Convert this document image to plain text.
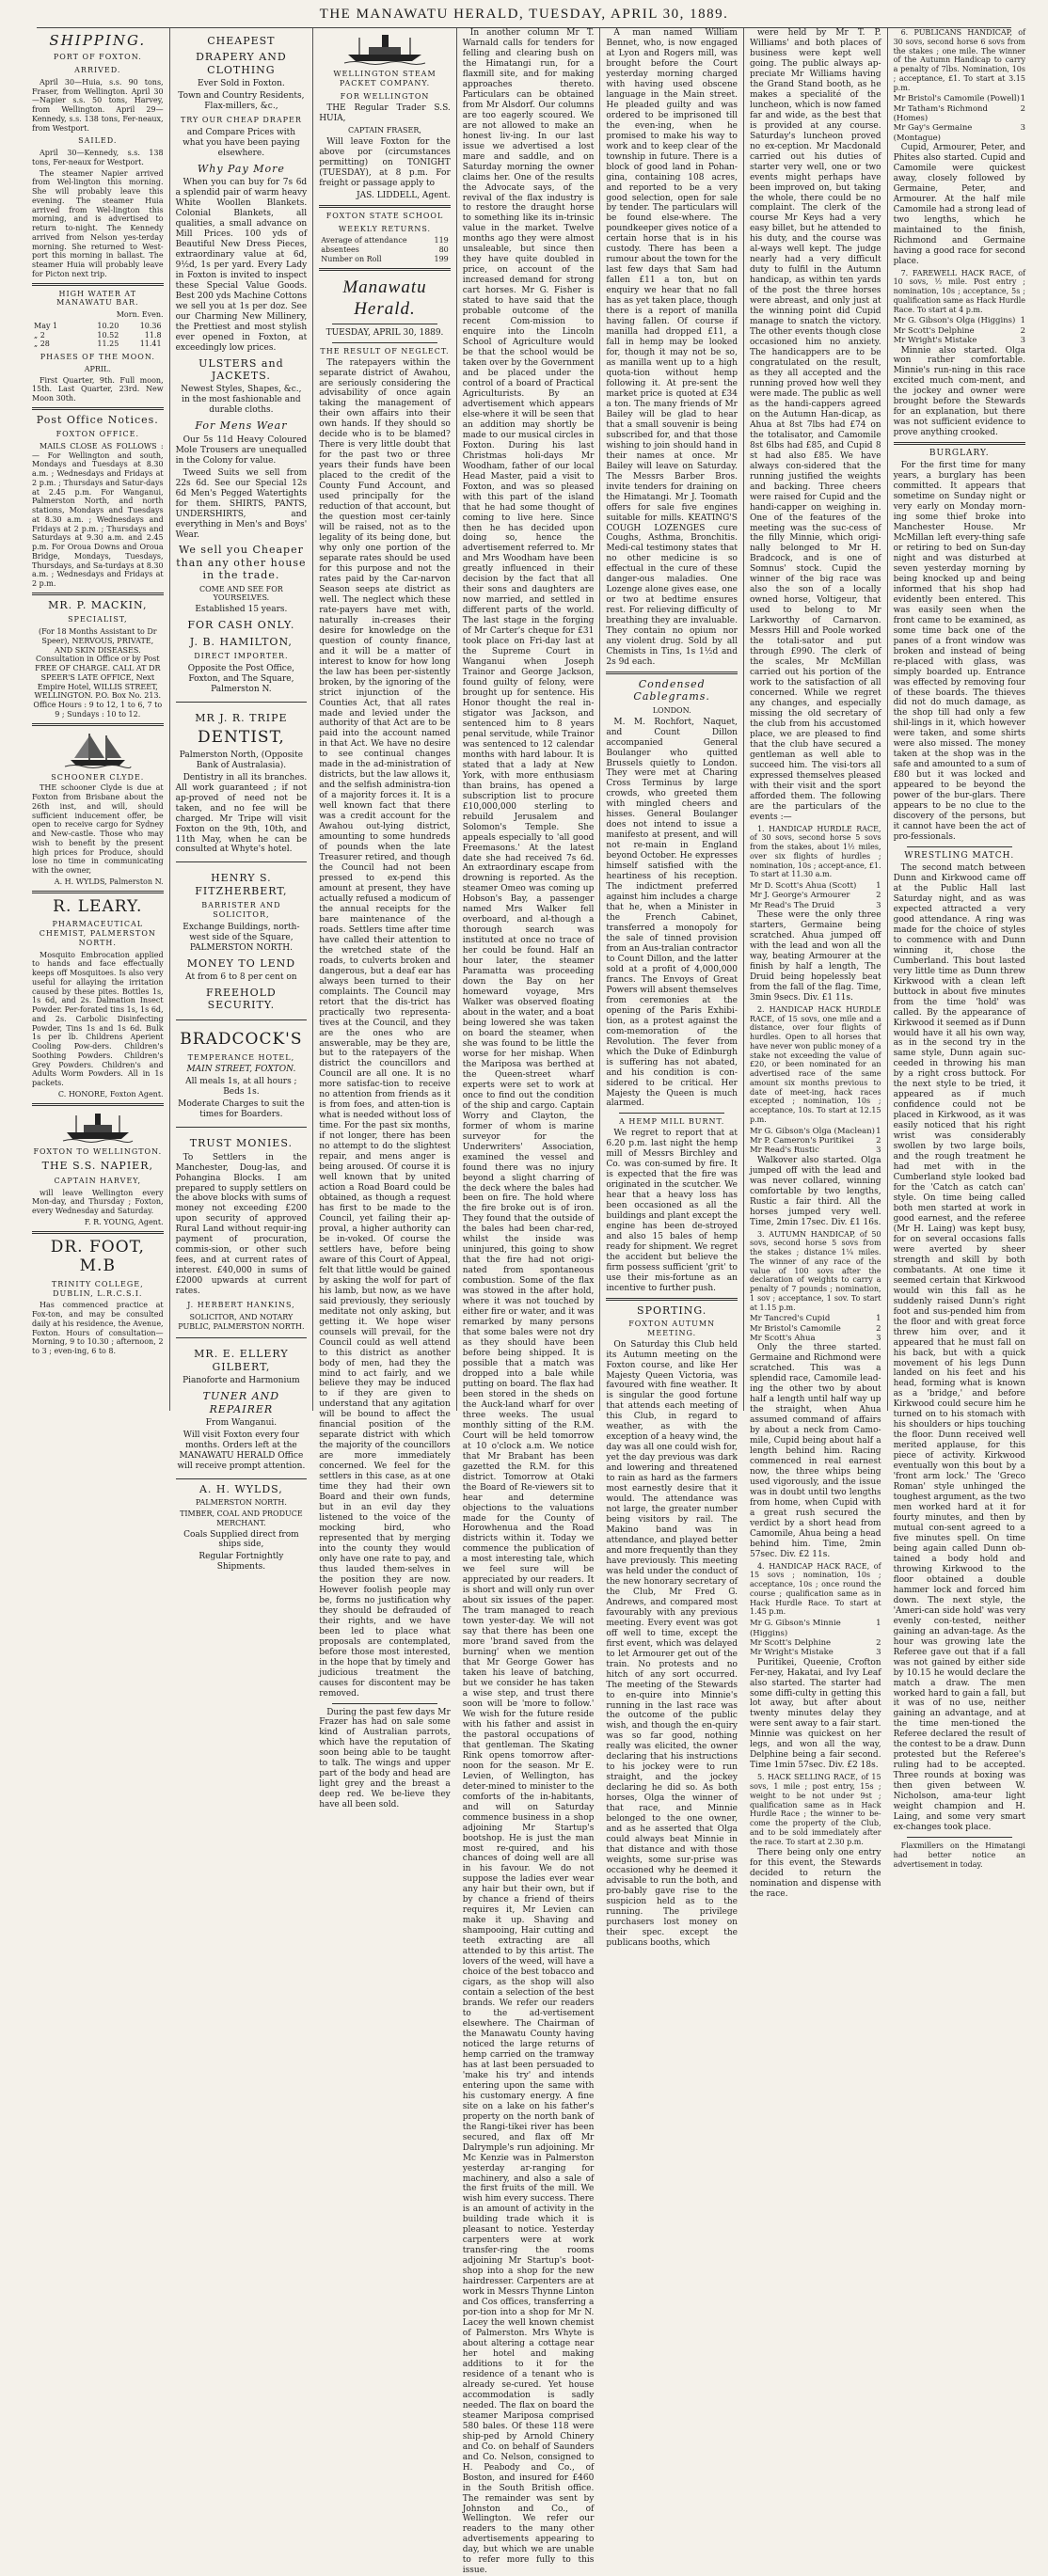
THE MANAWATU HERALD, TUESDAY, APRIL 30, 1889.
SHIPPING.
PORT OF FOXTON.
ARRIVED.

April 30—Huia, s.s. 90 tons, Fraser, from Wellington. April 30—Napier s.s. 50 tons, Harvey, from Wellington. April 29—Kennedy, s.s. 138 tons, Fer-neaux, from Westport.

SAILED.

April 30—Kennedy, s.s. 138 tons, Fer-neaux for Westport.

The steamer Napier arrived from Wel-lington this morning. She will probably leave this evening. The steamer Huia arrived from Wel-lington this morning, and is advertised to return to-night. The Kennedy arrived from Nelson yes-terday morning. She returned to West-port this morning in ballast. The steamer Huia will probably leave for Picton next trip.

HIGH WATER AT MANAWATU BAR.

Morn. Even.

May 1	10.20	10.36
„ 2	10.52	11.8
„ 28	11.25	11.41
PHASES OF THE MOON.

APRIL.

First Quarter, 9th. Full moon, 15th. Last Quarter, 23rd. New Moon 30th.

Post Office Notices.
FOXTON OFFICE.

MAILS CLOSE AS FOLLOWS :— For Wellington and south, Mondays and Tuesdays at 8.30 a.m. ; Wednesdays and Fridays at 2 p.m. ; Thursdays and Satur-days at 2.45 p.m. For Wanganui, Palmerston North, and north stations, Mondays and Tuesdays at 8.30 a.m. ; Wednesdays and Fridays at 2 p.m. ; Thursdays and Saturdays at 9.30 a.m. and 2.45 p.m. For Oroua Downs and Oroua Bridge, Mondays, Tuesdays, Thursdays, and Sa-turdays at 8.30 a.m. ; Wednesdays and Fridays at 2 p.m.

MR. P. MACKIN,
SPECIALIST,

(For 18 Months Assistant to Dr Speer), NERVOUS, PRIVATE, AND SKIN DISEASES. Consultation in Office or by Post FREE OF CHARGE. CALL AT DR SPEER'S LATE OFFICE, Next Empire Hotel, WILLIS STREET, WELLINGTON. P.O. Box No. 213. Office Hours : 9 to 12, 1 to 6, 7 to 9 ; Sundays : 10 to 12.

SCHOONER CLYDE.

THE schooner Clyde is due at Foxton from Brisbane about the 26th inst, and will, should sufficient inducement offer, be open to receive cargo for Sydney and New-castle. Those who may wish to benefit by the present high prices for Produce, should lose no time in communicating with the owner,

A. H. WYLDS, Palmerston N.

R. LEARY.
PHARMACEUTICAL CHEMIST, PALMERSTON NORTH.

Mosquito Embrocation applied to hands and face effectually keeps off Mosquitoes. Is also very useful for allaying the irritation caused by these pites. Bottles 1s, 1s 6d, and 2s. Dalmation Insect Powder. Per-forated tins 1s, 1s 6d, and 2s. Carbolic Disinfecting Powder, Tins 1s and 1s 6d. Bulk 1s per lb. Childrens Aperient Cooling Pow-ders. Children's Soothing Powders. Children's Grey Powders. Children's and Adults Worm Powders. All in 1s packets.

C. HONORE, Foxton Agent.

FOXTON TO WELLINGTON.

THE S.S. NAPIER,
CAPTAIN HARVEY,

will leave Wellington every Mon-day, and Thursday ; Foxton, every Wednesday and Saturday.

F. R. YOUNG, Agent.

DR. FOOT, M.B
TRINITY COLLEGE, DUBLIN, L.R.C.S.I.

Has commenced practice at Fox-ton, and may be consulted daily at his residence, the Avenue, Foxton. Hours of consultation—Morning, 9 to 10.30 ; afternoon, 2 to 3 ; even-ing, 6 to 8.

CHEAPEST
DRAPERY AND CLOTHING

Ever Sold in Foxton.

Town and Country Residents, Flax-millers, &c.,

TRY OUR CHEAP DRAPER

and Compare Prices with what you have been paying elsewhere.

Why Pay More

When you can buy for 7s 6d a splendid pair of warm heavy White Woollen Blankets. Colonial Blankets, all qualities, a small advance on Mill Prices. 100 yds of Beautiful New Dress Pieces, extraordinary value at 6d, 9½d, 1s per yard. Every Lady in Foxton is invited to inspect these Special Value Goods. Best 200 yds Machine Cottons we sell you at 1s per doz. See our Charming New Millinery, the Prettiest and most stylish ever opened in Foxton, at exceedingly low prices.

ULSTERS and JACKETS.

Newest Styles, Shapes, &c., in the most fashionable and durable cloths.

For Mens Wear

Our 5s 11d Heavy Coloured Mole Trousers are unequalled in the Colony for value.

Tweed Suits we sell from 22s 6d. See our Special 12s 6d Men's Pegged Watertights for them. SHIRTS, PANTS, UNDERSHIRTS, and everything in Men's and Boys' Wear.

We sell you Cheaper than any other house in the trade.

COME AND SEE FOR YOURSELVES.

Established 15 years.

FOR CASH ONLY.
J. B. HAMILTON,
DIRECT IMPORTER.

Opposite the Post Office, Foxton, and The Square, Palmerston N.

MR J. R. TRIPE
DENTIST,

Palmerston North, (Opposite Bank of Australasia).

Dentistry in all its branches. All work guaranteed ; if not ap-proved of need not be taken, and no fee will be charged. Mr Tripe will visit Foxton on the 9th, 10th, and 11th May, when he can be consulted at Whyte's hotel.

HENRY S. FITZHERBERT,
BARRISTER AND SOLICITOR,

Exchange Buildings, north-west side of the Square, PALMERSTON NORTH.

MONEY TO LEND

At from 6 to 8 per cent on

FREEHOLD SECURITY.
BRADCOCK'S
TEMPERANCE HOTEL,

MAIN STREET, FOXTON.

All meals 1s, at all hours ; Beds 1s.

Moderate Charges to suit the times for Boarders.

TRUST MONIES.

To Settlers in the Manchester, Doug-las, and Pohangina Blocks. I am prepared to supply settlers on the above blocks with sums of money not exceeding £200 upon security of approved Rural Land without requir-ing payment of procuration, commis-sion, or other such fees, and at current rates of interest. £40,000 in sums of £2000 upwards at current rates.

J. HERBERT HANKINS,

SOLICITOR, AND NOTARY PUBLIC, PALMERSTON NORTH.

MR. E. ELLERY GILBERT,

Pianoforte and Harmonium

TUNER AND REPAIRER

From Wanganui.

Will visit Foxton every four months. Orders left at the MANAWATU HERALD Office will receive prompt attention.

A. H. WYLDS,

PALMERSTON NORTH.

TIMBER, COAL AND PRODUCE MERCHANT.

Coals Supplied direct from ships side,

Regular Fortnightly Shipments.

WELLINGTON STEAM PACKET COMPANY.
FOR WELLINGTON

THE Regular Trader S.S. HUIA,

CAPTAIN FRASER,

Will leave Foxton for the above por (circumstances permitting) on TONIGHT (TUESDAY), at 8 p.m. For freight or passage apply to

JAS. LIDDELL, Agent.

FOXTON STATE SCHOOL
WEEKLY RETURNS.
Average of attendance	119
absentees	80
Number on Roll	199
Manawatu Herald.

TUESDAY, APRIL 30, 1889.

THE RESULT OF NEGLECT.

The ratepayers within the separate district of Awahou, are seriously considering the advisability of once again taking the management of their own affairs into their own hands. If they should so decide who is to be blamed? There is very little doubt that for the past two or three years their funds have been placed to the credit of the County Fund Account, and used principally for the reduction of that account, but the question most cer-tainly will be raised, not as to the legality of its being done, but why only one portion of the separate rates should be used for this purpose and not the rates paid by the Car-narvon Season seeps ate district as well. The neglect which these rate-payers have met with, naturally in-creases their desire for knowledge on the question of county finance, and it will be a matter of interest to know for how long the law has been per-sistently broken, by the ignoring of the strict injunction of the Counties Act, that all rates made and levied under the authority of that Act are to be paid into the account named in that Act. We have no desire to see continual changes made in the ad-ministration of districts, but the law allows it, and the selfish administra-tion of a majority forces it. It is a well known fact that there was a credit account for the Awahou out-lying district, amounting to some hundreds of pounds when the late Treasurer retired, and though the Council had not been pressed to ex-pend this amount at present, they have actually refused a modicum of the annual receipts for the bare maintenance of the roads. Settlers time after time have called their attention to the wretched state of the roads, to culverts broken and dangerous, but a deaf ear has always been turned to their complaints. The Council may retort that the dis-trict has practically two representa-tives at the Council, and they are the ones who are answerable, may be they are, but to the ratepayers of the district the councillors and Council are all one. It is no more satisfac-tion to receive no attention from friends as it is from foes, and atten-tion is what is needed without loss of time. For the past six months, if not longer, there has been no attempt to do the slightest repair, and mens anger is being aroused. Of course it is well known that by united action a Road Board could be obtained, as though a request has first to be made to the Council, yet failing their ap-proval, a higher authority can be in-voked. Of course the settlers have, before being aware of this Court of Appeal, felt that little would be gained by asking the wolf for part of his lamb, but now, as we have said previously, they seriously meditate not only asking, but getting it. We hope wiser counsels will prevail, for the Council could as well attend to this district as another body of men, had they the mind to act fairly, and we believe they may be induced to if they are given to understand that any agitation will be bound to affect the financial position of the separate district with which the majority of the councillors are more immediately concerned. We feel for the settlers in this case, as at one time they had their own Board and their own funds, but in an evil day they listened to the voice of the mocking bird, who represented that by merging into the county they would only have one rate to pay, and thus lauded them-selves in the position they are now. However foolish people may be, forms no justification why they should be defrauded of their rights, and we have been led to place what proposals are contemplated, before those most interested, in the hope that by timely and judicious treatment the causes for discontent may be removed.

During the past few days Mr Frazer has had on sale some kind of Australian parrots, which have the reputation of soon being able to be taught to talk. The wings and upper part of the body and head are light grey and the breast a deep red. We be-lieve they have all been sold.

In another column Mr T. Warnald calls for tenders for felling and clearing bush on the Himatangi run, for a flaxmill site, and for making approaches thereto. Particulars can be obtained from Mr Alsdorf. Our columns are too eagerly scoured. We are not allowed to make an honest liv-ing. In our last issue we advertised a lost mare and saddle, and on Saturday morning the owner claims her. One of the results the Advocate says, of the revival of the flax industry is to restore the draught horse to something like its in-trinsic value in the market. Twelve months ago they were almost unsaleable, but since then they have quite doubled in price, on account of the increased demand for strong cart horses. Mr G. Fisher is stated to have said that the probable outcome of the recent Com-mission to enquire into the Lincoln School of Agriculture would be that the school would be taken over by the Government and be placed under the control of a board of Practical Agriculturists. By an advertisement which appears else-where it will be seen that an addition may shortly be made to our musical circles in Foxton. During his last Christmas holi-days Mr Woodham, father of our local Head Master, paid a visit to Foxton, and was so pleased with this part of the island that he had some thought of coming to live here. Since then he has decided upon doing so, hence the advertisement referred to. Mr and Mrs Woodham have been greatly influenced in their decision by the fact that all their sons and daughters are now married, and settled in different parts of the world. The last stage in the forging of Mr Carter's cheque for £31 took place on Fri-day last at the Supreme Court in Wanganui when Joseph Trainor and George Jackson, found guilty of felony, were brought up for sentence. His Honor thought the real in-stigator was Jackson, and sentenced him to 8 years penal servitude, while Trainor was sentenced to 12 calendar months with hard labour. It is stated that a lady at New York, with more enthusiasm than brains, has opened a subscription list to procure £10,000,000 sterling to rebuild Jerusalem and Solomon's Temple. She appeals especially to 'all good Freemasons.' At the latest date she had received 7s 6d. An extraordinary escape from drowning is reported. As the steamer Omeo was coming up Hobson's Bay, a passenger named Mrs Walker fell overboard, and al-though a thorough search was instituted at once no trace of her could be found. Half an hour later, the steamer Paramatta was proceeding down the Bay on her homeward voyage, Mrs Walker was observed floating about in the water, and a boat being lowered she was taken on board the steamer, when she was found to be little the worse for her mishap. When the Mariposa was berthed at the Queen-street wharf experts were set to work at once to find out the condition of the ship and cargo. Captain Worry and Clayton, the former of whom is marine surveyor for the Underwriters' Association, examined the vessel and found there was no injury beyond a slight charring of the deck where the bales had been on fire. The hold where the fire broke out is of iron. They found that the outside of the bales had been char-red, whilst the inside was uninjured, this going to show that the fire had not origi-nated from spontaneous combustion. Some of the flax was stowed in the after hold, where it was not touched by either fire or water, and it was remarked by many persons that some bales were not dry as they should have been before being shipped. It is possible that a match was dropped into a bale while putting on board. The flax had been stored in the sheds on the Auck-land wharf for over three weeks. The usual monthly sitting of the R.M. Court will be held tomorrow at 10 o'clock a.m. We notice that Mr Brabant has been gazetted the R.M. for this district. Tomorrow at Otaki the Board of Re-viewers sit to hear and determine objections to the valuations made for the County of Horowhenua and the Road districts within it. Today we commence the publication of a most interesting tale, which we feel sure will be appreciated by our readers. It is short and will only run over about six issues of the paper. The tram managed to reach town yester-day. We will not say that there has been one more 'brand saved from the burning' when we mention that Mr George Gower has taken his leave of batching, but we consider he has taken a wise step, and trust there soon will be 'more to follow.' We wish for the future reside with his father and assist in the pastoral occupations of that gentleman. The Skating Rink opens tomorrow after-noon for the season. Mr E. Levien, of Wellington, has deter-mined to minister to the comforts of the in-habitants, and will on Saturday commence business in a shop adjoining Mr Startup's bootshop. He is just the man most re-quired, and his chances of doing well are all in his favour. We do not suppose the ladies ever wear any hair but their own, but if by chance a friend of theirs requires it, Mr Levien can make it up. Shaving and shampooing, Hair cutting and teeth extracting are all attended to by this artist. The lovers of the weed, will have a choice of the best tobacco and cigars, as the shop will also contain a selection of the best brands. We refer our readers to the ad-vertisement elsewhere. The Chairman of the Manawatu County having noticed the large returns of hemp carried on the tramway has at last been persuaded to 'make his try' and intends entering upon the same with his customary energy. A fine site on a lake on his father's property on the north bank of the Rangi-tikei river has been secured, and flax off Mr Dalrymple's run adjoining. Mr Mc Kenzie was in Palmerston yesterday ar-ranging for machinery, and also a sale of the first fruits of the mill. We wish him every success. There is an amount of activity in the building trade which it is pleasant to notice. Yesterday carpenters were at work transfer-ring the rooms adjoining Mr Startup's boot-shop into a shop for the new hairdresser. Carpenters are at work in Messrs Thynne Linton and Cos offices, transferring a por-tion into a shop for Mr N. Lacey the well known chemist of Palmerston. Mrs Whyte is about altering a cottage near her hotel and making additions to it for the residence of a tenant who is already se-cured. Yet house accommodation is sadly needed. The flax on board the steamer Mariposa comprised 580 bales. Of these 118 were ship-ped by Arnold Chinery and Co. on behalf of Saunders and Co. Nelson, consigned to H. Peabody and Co., of Boston, and insured for £460 in the South British office. The remainder was sent by Johnston and Co., of Wellington. We refer our readers to the many other advertisements appearing to day, but which we are unable to refer more fully to this issue.

A man named William Bennet, who, is now engaged at Lyon and Rogers mill, was brought before the Court yesterday morning charged with having used obscene language in the Main street. He pleaded guilty and was ordered to be imprisoned till the even-ing, when he promised to make his way to work and to keep clear of the township in future. There is a block of good land in Pohan-gina, containing 108 acres, and reported to be a very good selection, open for sale by tender. The particulars will be found else-where. The poundkeeper gives notice of a certain horse that is in his custody. There has been a rumour about the town for the last few days that Sam had fallen £11 a ton, but on enquiry we hear that no fall has as yet taken place, though there is a report of manilla having fallen. Of course if manilla had dropped £11, a fall in hemp may be looked for, though it may not be so, as manilla went up to a high quota-tion without hemp following it. At pre-sent the market price is quoted at £34 a ton. The many friends of Mr Bailey will be glad to hear that a small souvenir is being subscribed for, and that those wishing to join should hand in their names at once. Mr Bailey will leave on Saturday. The Messrs Barber Bros. invite tenders for draining on the Himatangi. Mr J. Toomath offers for sale five engines suitable for mills. KEATING'S COUGH LOZENGES cure Coughs, Asthma, Bronchitis. Medi-cal testimony states that no other medicine is so effectual in the cure of these danger-ous maladies. One Lozenge alone gives ease, one or two at bedtime ensures rest. For relieving difficulty of breathing they are invaluable. They contain no opium nor any violent drug. Sold by all Chemists in Tins, 1s 1½d and 2s 9d each.

Condensed Cablegrams.

LONDON.

M. M. Rochfort, Naquet, and Count Dillon accompanied General Boulanger who quitted Brussels quietly to London. They were met at Charing Cross Terminus by large crowds, who greeted them with mingled cheers and hisses. General Boulanger does not intend to issue a manifesto at present, and will not re-main in England beyond October. He expresses himself satisfied with the heartiness of his reception. The indictment preferred against him includes a charge that he, when a Minister in the French Cabinet, transferred a monopoly for the sale of tinned provision from an Aus-tralian contractor to Count Dillon, and the latter sold at a profit of 4,000,000 francs. The Envoys of Great Powers will absent themselves from ceremonies at the opening of the Paris Exhibi-tion, as a protest against the com-memoration of the Revolution. The fever from which the Duke of Edinburgh is suffering has not abated, and his condition is con-sidered to be critical. Her Majesty the Queen is much alarmed.

A HEMP MILL BURNT.

We regret to report that at 6.20 p.m. last night the hemp mill of Messrs Birchley and Co. was con-sumed by fire. It is expected that the fire was originated in the scutcher. We hear that a heavy loss has been occasioned as all the buildings and plant except the engine has been de-stroyed and also 15 bales of hemp ready for shipment. We regret the accident but believe the firm possess sufficient 'grit' to use their mis-fortune as an incentive to further push.

SPORTING.

FOXTON AUTUMN MEETING.

On Saturday this Club held its Autumn meeting on the Foxton course, and like Her Majesty Queen Victoria, was favoured with fine weather. It is singular the good fortune that attends each meeting of this Club, in regard to weather, as with the exception of a heavy wind, the day was all one could wish for, yet the day previous was dark and lowering and threatened to rain as hard as the farmers most earnestly desire that it would. The attendance was not large, the greater number being visitors by rail. The Makino band was in attendance, and played better and more frequently than they have previously. This meeting was held under the conduct of the new honorary secretary of the Club, Mr Fred G. Andrews, and compared most favourably with any previous meeting. Every event was got off well to time, except the first event, which was delayed to let Armourer get out of the train. No protests and no hitch of any sort occurred. The meeting of the Stewards to en-quire into Minnie's running in the last race was the outcome of the public wish, and though the en-quiry was so far good, nothing really was elicited, the owner declaring that his instructions to his jockey were to run straight, and the jockey declaring he did so. As both horses, Olga the winner of that race, and Minnie belonged to the one owner, and as he asserted that Olga could always beat Minnie in that distance and with those weights, some sur-prise was occasioned why he deemed it advisable to run the both, and pro-bably gave rise to the suspicion held as to the running. The privilege purchasers lost money on their spec. except the publicans booths, which

were held by Mr T. P. Williams' and both places of business were kept well going. The public always ap-preciate Mr Williams having the Grand Stand booth, as he makes a specialité of the luncheon, which is now famed far and wide, as the best that is provided at any course. Saturday's luncheon proved no ex-ception. Mr Macdonald carried out his duties of starter very well, one or two events might perhaps have been improved on, but taking the whole, there could be no complaint. The clerk of the course Mr Keys had a very easy billet, but he attended to his duty, and the course was al-ways well kept. The judge nearly had a very difficult duty to fulfil in the Autumn handicap, as within ten yards of the post the three horses were abreast, and only just at the winning point did Cupid manage to snatch the victory. The other events though close occasioned him no anxiety. The handicappers are to be congratulated on the result, as they all accepted and the running proved how well they were made. The public as well as the handi-cappers agreed on the Autumn Han-dicap, as Ahua at 8st 7lbs had £74 on the totalisator, and Camomile 8st 6lbs had £85, and Cupid 8 st had also £85. We have always con-sidered that the running justified the weights and backing. Three cheers were raised for Cupid and the handi-capper on weighing in. One of the features of the meeting was the suc-cess of the filly Minnie, which origi-nally belonged to Mr H. Bradcock, and is one of Somnus' stock. Cupid the winner of the big race was also the son of a locally owned horse, Voltigeur, that used to belong to Mr Larkworthy of Carnarvon. Messrs Hill and Poole worked the totali-sator and put through £990. The clerk of the scales, Mr McMillan carried out his portion of the work to the satisfaction of all concerned. While we regret any changes, and especially missing the old secretary of the club from his accustomed place, we are pleased to find that the club have secured a gentleman as well able to succeed him. The visi-tors all expressed themselves pleased with their visit and the sport afforded them. The following are the particulars of the events :—

1. HANDICAP HURDLE RACE, of 30 sovs, second horse 5 sovs from the stakes, about 1½ miles, over six flights of hurdles ; nomination, 10s ; accept-ance, £1. To start at 11.30 a.m.

Mr D. Scott's Ahua (Scott) 1
Mr J. George's Armourer	2
Mr Read's The Druid	3

These were the only three starters, Germaine being scratched. Ahua jumped off with the lead and won all the way, beating Armourer at the finish by half a length, The Druid being hopelessly beat from the fall of the flag. Time, 3min 9secs. Div. £1 11s.

2. HANDICAP HACK HURDLE RACE, of 15 sovs, one mile and a distance, over four flights of hurdles. Open to all horses that have never won public money of a stake not exceeding the value of £20, or been nominated for an advertised race of the same amount six months previous to date of meet-ing, hack races excepted ; nomination, 10s ; acceptance, 10s. To start at 12.15 p.m.

Mr G. Gibson's Olga (Maclean) 1
Mr P. Cameron's Puritikei	2
Mr Read's Rustic	3

Walkover also started. Olga jumped off with the lead and was never collared, winning comfortable by two lengths, Rustic a fair third. All the horses jumped very well. Time, 2min 17sec. Div. £1 16s.

3. AUTUMN HANDICAP, of 50 sovs, second horse 5 sovs from the stakes ; distance 1¼ miles. The winner of any race of the value of 100 sovs after the declaration of weights to carry a penalty of 7 pounds ; nomination, 1 sov ; acceptance, 1 sov. To start at 1.15 p.m.

Mr Tancred's Cupid	1
Mr Bristol's Camomile	2
Mr Scott's Ahua	3

Only the three started. Germaine and Richmond were scratched. This was a splendid race, Camomile lead-ing the other two by about half a length until half way up the straight, when Ahua assumed command of affairs by about a neck from Camo-mile, Cupid being about half a length behind him. Racing commenced in real earnest now, the three whips being used vigorously, and the issue was in doubt until two lengths from home, when Cupid with a great rush secured the verdict by a short head from Camomile, Ahua being a head behind him. Time, 2min 57sec. Div. £2 11s.

4. HANDICAP HACK RACE, of 15 sovs ; nomination, 10s ; acceptance, 10s ; once round the course ; qualification same as in Hack Hurdle Race. To start at 1.45 p.m.

Mr G. Gibson's Minnie (Higgins)
1
Mr Scott's Delphine	2
Mr Wright's Mistake	3

Puritikei, Queenie, Crofton Fer-ney, Hakatai, and Ivy Leaf also started. The starter had some diffi-culty in getting this lot away, but after about twenty minutes delay they were sent away to a fair start. Minnie was quickest on her legs, and won all the way, Delphine being a fair second. Time 1min 57sec. Div. £2 18s.

5. HACK SELLING RACE, of 15 sovs, 1 mile ; post entry, 15s ; weight to be not under 9st ; qualification same as in Hack Hurdle Race ; the winner to be-come the property of the Club, and to be sold immediately after the race. To start at 2.30 p.m.

There being only one entry for this event, the Stewards decided to return the nomination and dispense with the race.

6. PUBLICANS HANDICAP, of 30 sovs, second horse 6 sovs from the stakes ; one mile. The winner of the Autumn Handicap to carry a penalty of 7lbs. Nomination, 10s ; acceptance, £1. To start at 3.15 p.m.

Mr Bristol's Camomile (Powell) 1
Mr Tatham's Richmond (Homes)
2
Mr Gay's Germaine (Montague)
3

Cupid, Armourer, Peter, and Phites also started. Cupid and Camomile were quickest away, closely followed by Germaine, Peter, and Armourer. At the half mile Camomile had a strong lead of two lengths, which he maintained to the finish, Richmond and Germaine having a good race for second place.

7. FAREWELL HACK RACE, of 10 sovs, ½ mile. Post entry ; nomination, 10s ; acceptance, 5s ; qualification same as Hack Hurdle Race. To start at 4 p.m.

Mr G. Gibson's Olga (Higgins) 1
Mr Scott's Delphine	2
Mr Wright's Mistake	3

Minnie also started. Olga won rather comfortable. Minnie's run-ning in this race excited much com-ment, and the jockey and owner were brought before the Stewards for an explanation, but there was not sufficient evidence to prove anything crooked.

BURGLARY.

For the first time for many years, a burglary has been committed. It appears that sometime on Sunday night or very early on Monday morn-ing some thief broke into Manchester House. Mr McMillan left every-thing safe or retiring to bed on Sun-day night and was disturbed at seven yesterday morning by being knocked up and being informed that his shop had evidently been entered. This was easily seen when the front came to be examined, as some time back one of the panes of a front window was broken and instead of being re-placed with glass, was simply boarded up. Entrance was effected by removing four of these boards. The thieves did not do much damage, as the shop till had only a few shil-lings in it, which however were taken, and some shirts were also missed. The money taken at the shop was in the safe and amounted to a sum of £80 but it was locked and appeared to be beyond the power of the bur-glars. There appears to be no clue to the discovery of the persons, but it cannot have been the act of pro-fessionals.

WRESTLING MATCH.

The second match between Dunn and Kirkwood came off at the Public Hall last Saturday night, and as was expected attracted a very good attendance. A ring was made for the choice of styles to commence with and Dunn winning it, chose the Cumberland. This bout lasted very little time as Dunn threw Kirkwood with a clean left buttock in about five minutes from the time 'hold' was called. By the appearance of Kirkwood it seemed as if Dunn would have it all his own way, as in the second try in the same style, Dunn again suc-ceeded in throwing his man by a right cross buttock. For the next style to be tried, it appeared as if much confidence could not be placed in Kirkwood, as it was easily noticed that his right wrist was considerably swollen by two large boils, and the rough treatment he had met with in the Cumberland style looked bad for the 'Catch as catch can' style. On time being called both men started at work in good earnest, and the referee (Mr H. Laing) was kept busy, for on several occasions falls were averted by sheer strength and skill by both combatants. At one time it seemed certain that Kirkwood would win this fall as he suddenly raised Dunn's right foot and sus-pended him from the floor and with great force threw him over, and it appeared that he must fall on his back, but with a quick movement of his legs Dunn landed on his feet and his head, forming what is known as a 'bridge,' and before Kirkwood could secure him he turned on to his stomach with his shoulders or hips touching the floor. Dunn received well merited applause, for this piece of activity. Kirkwood eventually won this bout by a 'front arm lock.' The 'Greco Roman' style unhinged the toughest argument, as the two men worked hard at it for fourty minutes, and then by mutual con-sent agreed to a five minutes spell. On time being again called Dunn ob-tained a body hold and throwing Kirkwood to the floor obtained a double hammer lock and forced him down. The next style, the 'Ameri-can side hold' was very evenly con-tested, neither gaining an advan-tage. As the hour was growing late the Referee gave out that if a fall was not gained by either side by 10.15 he would declare the match a draw. The men worked hard to gain a fall, but it was of no use, neither gaining an advantage, and at the time men-tioned the Referee declared the result of the contest to be a draw. Dunn protested but the Referee's ruling had to be accepted. Three rounds at boxing was then given between W. Nicholson, ama-teur light weight champion and H. Laing, and some very smart ex-changes took place.

Flaxmillers on the Himatangi had better notice an advertisement in today.
